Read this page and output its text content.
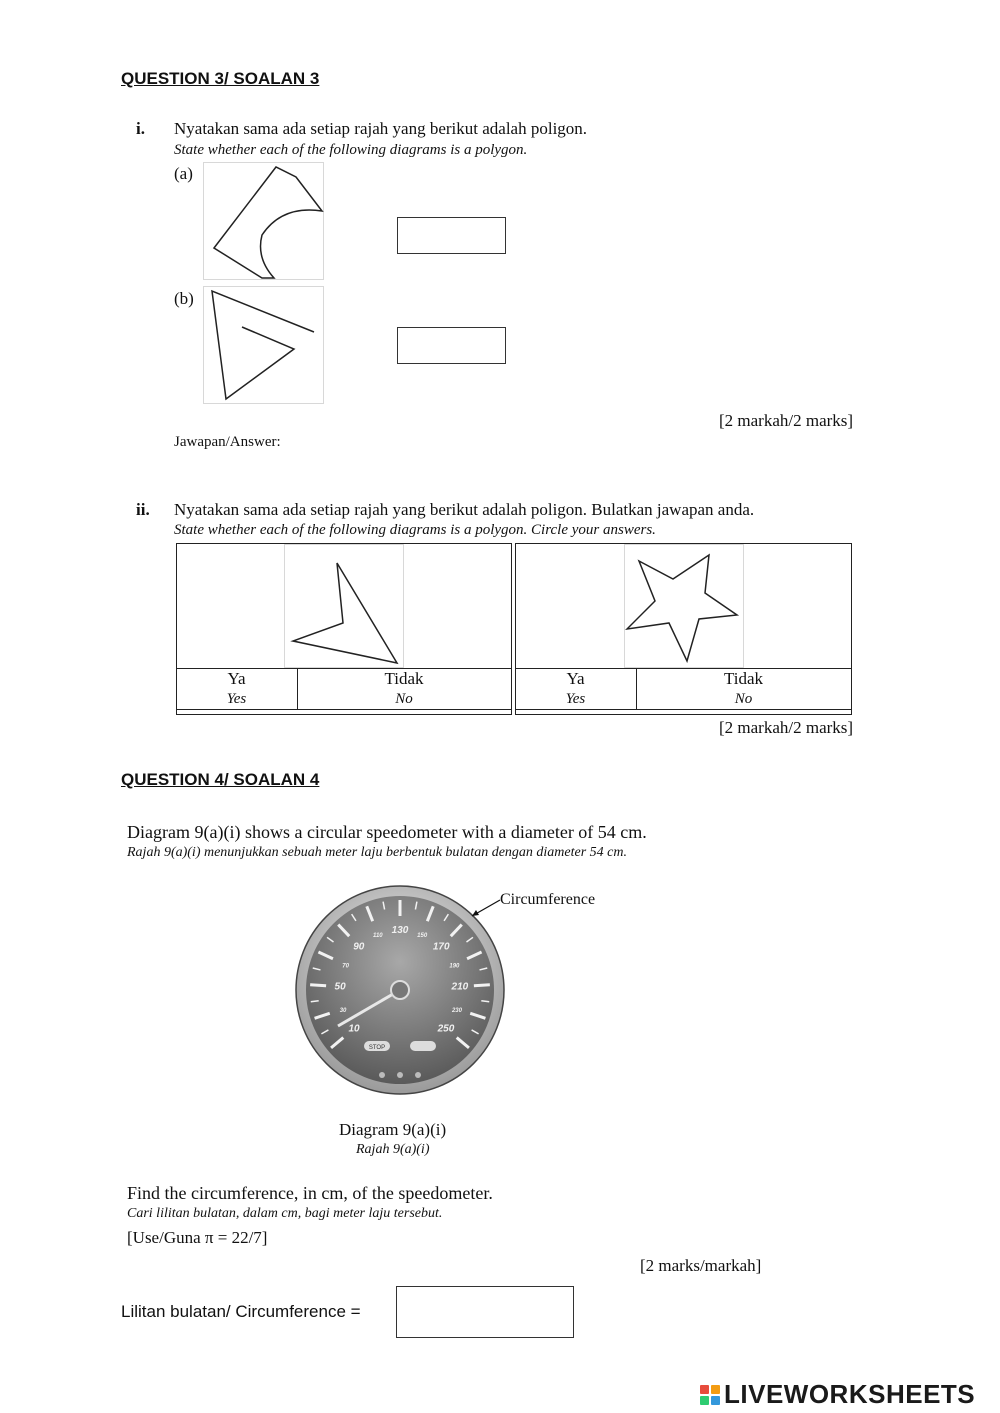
QUESTION 3/ SOALAN 3
i. Nyatakan sama ada setiap rajah yang berikut adalah poligon.
State whether each of the following diagrams is a polygon.
(a)
(b)
[2 markah/2 marks]
Jawapan/Answer:
ii. Nyatakan sama ada setiap rajah yang berikut adalah poligon. Bulatkan jawapan anda.
State whether each of the following diagrams is a polygon. Circle your answers.
Ya
Yes

Tidak
No
Ya
Yes

Tidak
No
[2 markah/2 marks]
QUESTION 4/ SOALAN 4
Diagram 9(a)(i) shows a circular speedometer with a diameter of 54 cm.
Rajah 9(a)(i) menunjukkan sebuah meter laju berbentuk bulatan dengan diameter 54 cm.
10
30
50
70
90
110
130
150
170
190
210
230
250
STOP
Circumference
Diagram 9(a)(i)
Rajah 9(a)(i)
Find the circumference, in cm, of the speedometer.
Cari lilitan bulatan, dalam cm, bagi meter laju tersebut.
[Use/Guna π = 22/7]
[2 marks/markah]
Lilitan bulatan/ Circumference =
LIVEWORKSHEETS
